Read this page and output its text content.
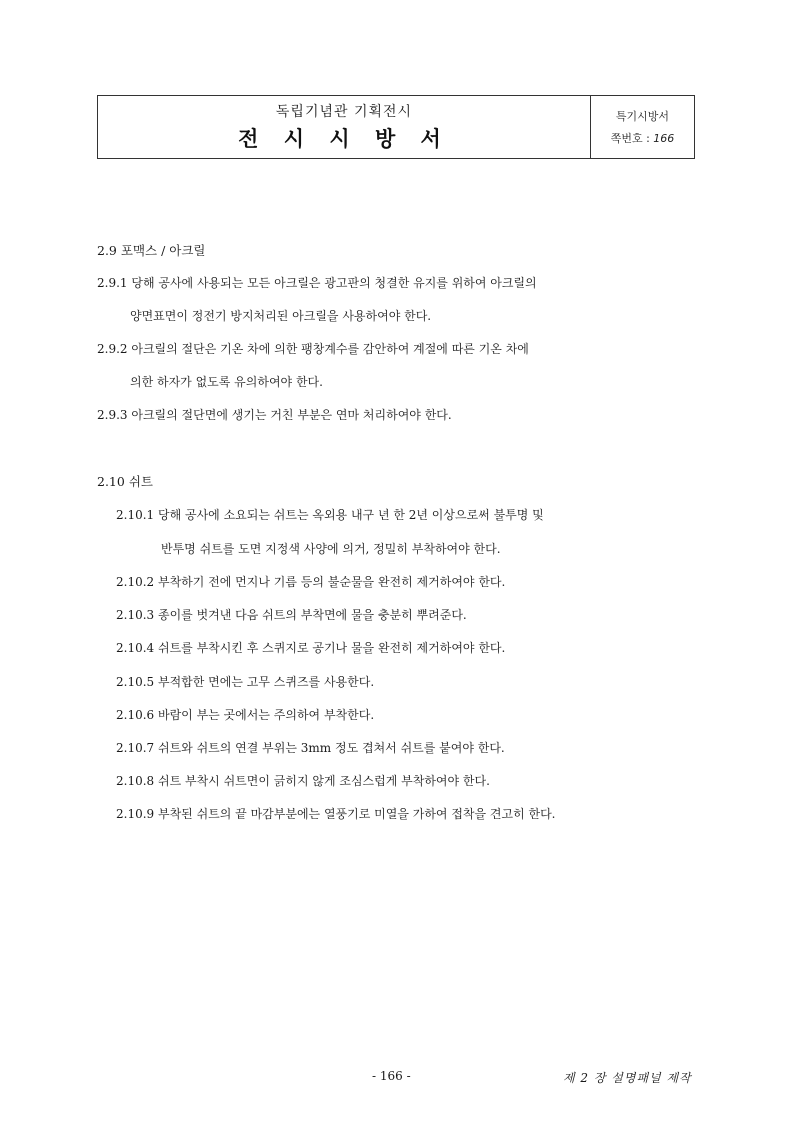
독립기념관 기획전시
전 시 시 방 서
특기시방서
쪽번호 : 166
2.9 포맥스 / 아크릴
2.9.1 당해 공사에 사용되는 모든 아크릴은 광고판의 청결한 유지를 위하여 아크릴의
양면표면이 정전기 방지처리된 아크릴을 사용하여야 한다.
2.9.2 아크릴의 절단은 기온 차에 의한 팽창계수를 감안하여 계절에 따른 기온 차에
의한 하자가 없도록 유의하여야 한다.
2.9.3 아크릴의 절단면에 생기는 거친 부분은 연마 처리하여야 한다.
2.10 쉬트
2.10.1 당해 공사에 소요되는 쉬트는 옥외용 내구 년 한 2년 이상으로써 불투명 및
반투명 쉬트를 도면 지정색 사양에 의거, 정밀히 부착하여야 한다.
2.10.2 부착하기 전에 먼지나 기름 등의 불순물을 완전히 제거하여야 한다.
2.10.3 종이를 벗겨낸 다음 쉬트의 부착면에 물을 충분히 뿌려준다.
2.10.4 쉬트를 부착시킨 후 스퀴지로 공기나 물을 완전히 제거하여야 한다.
2.10.5 부적합한 면에는 고무 스퀴즈를 사용한다.
2.10.6 바람이 부는 곳에서는 주의하여 부착한다.
2.10.7 쉬트와 쉬트의 연결 부위는 3mm 정도 겹쳐서 쉬트를 붙여야 한다.
2.10.8 쉬트 부착시 쉬트면이 긁히지 않게 조심스럽게 부착하여야 한다.
2.10.9 부착된 쉬트의 끝 마감부분에는 열풍기로 미열을 가하여 접착을 견고히 한다.
- 166 -	제 2 장 설명패널 제작
